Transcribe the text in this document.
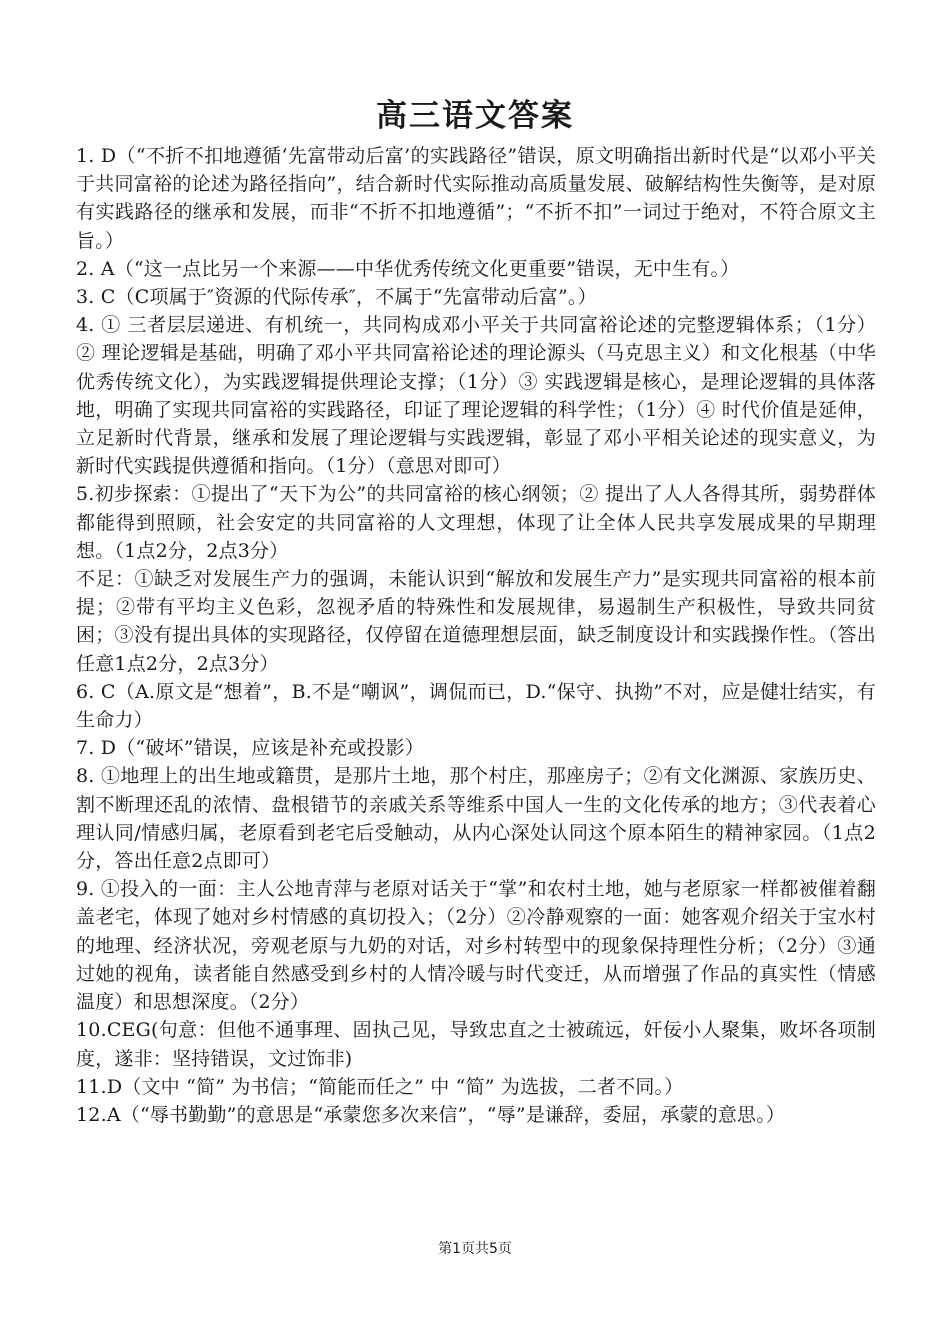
高三语文答案

1. D（“不折不扣地遵循‘先富带动后富’的实践路径”错误，原文明确指出新时代是“以邓小平关于共同富裕的论述为路径指向”，结合新时代实际推动高质量发展、破解结构性失衡等，是对原有实践路径的继承和发展，而非“不折不扣地遵循”；“不折不扣”一词过于绝对，不符合原文主旨。）

2. A（“这一点比另一个来源——中华优秀传统文化更重要”错误，无中生有。）

3. C（C项属于″资源的代际传承″，不属于“先富带动后富”。）

4. ① 三者层层递进、有机统一，共同构成邓小平关于共同富裕论述的完整逻辑体系；（1分）② 理论逻辑是基础，明确了邓小平共同富裕论述的理论源头（马克思主义）和文化根基（中华优秀传统文化），为实践逻辑提供理论支撑；（1分）③ 实践逻辑是核心，是理论逻辑的具体落地，明确了实现共同富裕的实践路径，印证了理论逻辑的科学性；（1分）④ 时代价值是延伸，立足新时代背景，继承和发展了理论逻辑与实践逻辑，彰显了邓小平相关论述的现实意义，为新时代实践提供遵循和指向。（1分）（意思对即可）

5.初步探索：①提出了“天下为公”的共同富裕的核心纲领；② 提出了人人各得其所，弱势群体都能得到照顾，社会安定的共同富裕的人文理想，体现了让全体人民共享发展成果的早期理想。（1点2分，2点3分）

不足：①缺乏对发展生产力的强调，未能认识到“解放和发展生产力”是实现共同富裕的根本前提；②带有平均主义色彩，忽视矛盾的特殊性和发展规律，易遏制生产积极性，导致共同贫困；③没有提出具体的实现路径，仅停留在道德理想层面，缺乏制度设计和实践操作性。（答出任意1点2分，2点3分）

6. C（A.原文是“想着”，B.不是“嘲讽”，调侃而已，D.“保守、执拗”不对，应是健壮结实，有生命力）

7. D（“破坏”错误，应该是补充或投影）

8. ①地理上的出生地或籍贯，是那片土地，那个村庄，那座房子；②有文化渊源、家族历史、割不断理还乱的浓情、盘根错节的亲戚关系等维系中国人一生的文化传承的地方；③代表着心理认同/情感归属，老原看到老宅后受触动，从内心深处认同这个原本陌生的精神家园。（1点2分，答出任意2点即可）

9. ①投入的一面：主人公地青萍与老原对话关于“掌”和农村土地，她与老原家一样都被催着翻盖老宅，体现了她对乡村情感的真切投入；（2分）②冷静观察的一面：她客观介绍关于宝水村的地理、经济状况，旁观老原与九奶的对话，对乡村转型中的现象保持理性分析；（2分）③通过她的视角，读者能自然感受到乡村的人情冷暖与时代变迁，从而增强了作品的真实性（情感温度）和思想深度。（2分）

10.CEG(句意：但他不通事理、固执己见，导致忠直之士被疏远，奸佞小人聚集，败坏各项制度，遂非：坚持错误，文过饰非)

11.D（文中 “简” 为书信；“简能而任之” 中 “简” 为选拔，二者不同。）

12.A（“辱书勤勤”的意思是“承蒙您多次来信”，“辱”是谦辞，委屈，承蒙的意思。）

第1页共5页
